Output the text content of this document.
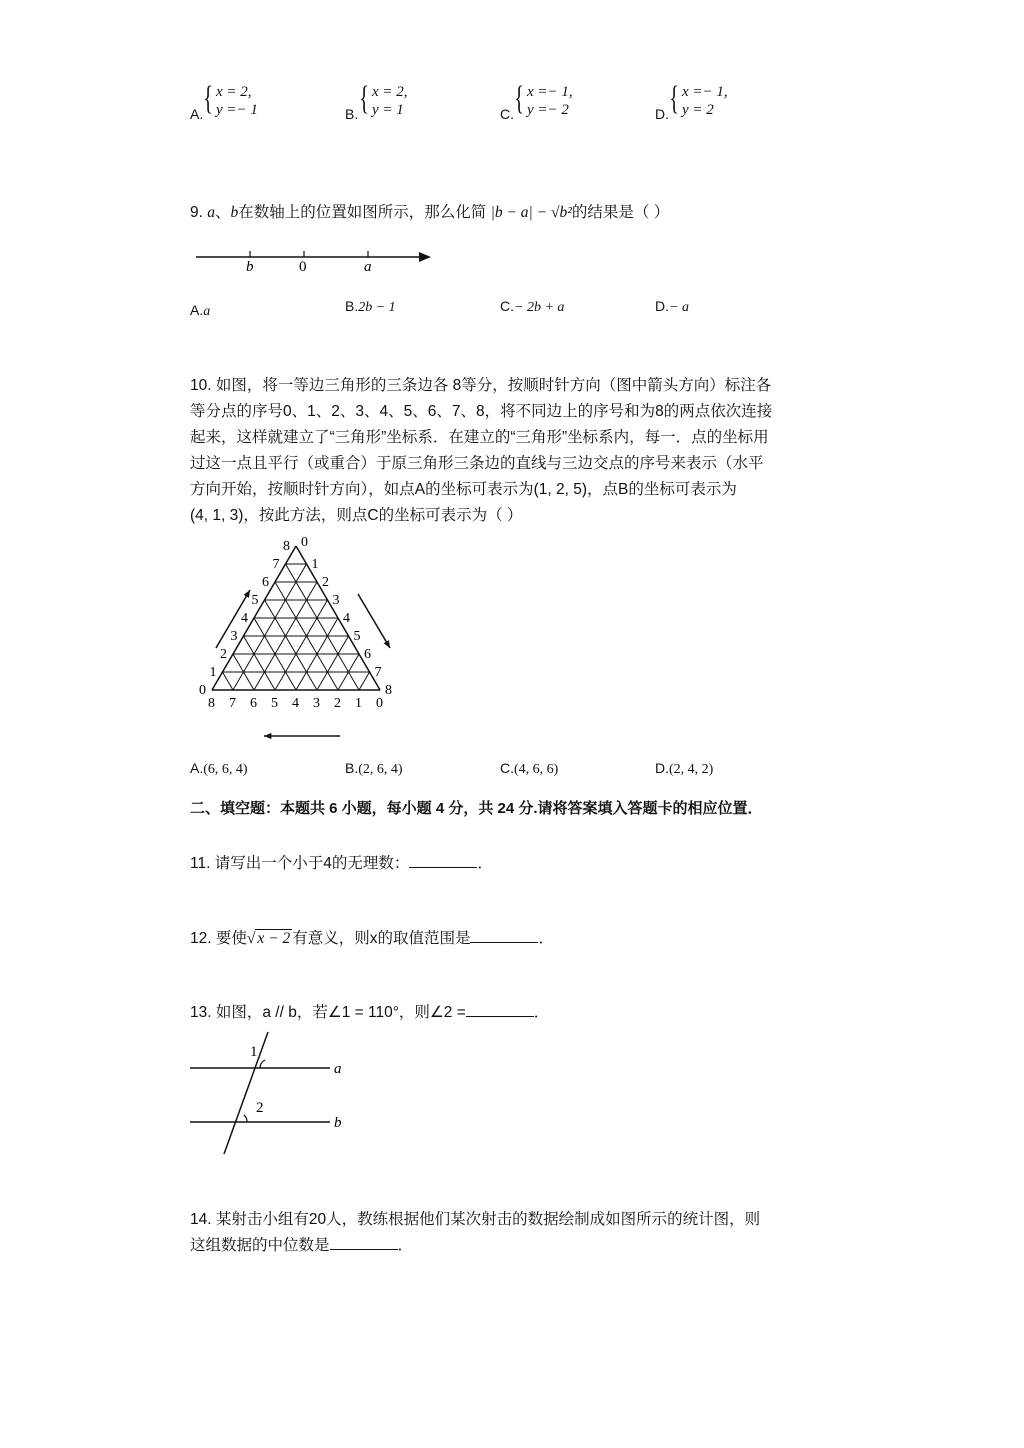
A. { x = 2,
y =− 1	B. { x = 2,
y = 1	C. { x =− 1,
y =− 2	D. { x =− 1,
y = 2
9. a、b在数轴上的位置如图所示，那么化简 |b − a| − √b²的结果是（ ）
b	0	a
A.a	B.2b − 1	C.− 2b + a	D.− a
10. 如图，将一等边三角形的三条边各 8等分，按顺时针方向（图中箭头方向）标注各
等分点的序号0、1、2、3、4、5、6、7、8，将不同边上的序号和为8的两点依次连接
起来，这样就建立了“三角形”坐标系．在建立的“三角形”坐标系内，每一．点的坐标用
过这一点且平行（或重合）于原三角形三条边的直线与三边交点的序号来表示（水平
方向开始，按顺时针方向），如点A的坐标可表示为(1, 2, 5)，点B的坐标可表示为
(4, 1, 3)，按此方法，则点C的坐标可表示为（ ）
0
0
8
1
1
7
2
2
6
3
3
5
4	4
4
5
5
3
6
6
2
7
7
1
8
8
0
A.(6, 6, 4)	B.(2, 6, 4)	C.(4, 6, 6)	D.(2, 4, 2)
二、填空题：本题共 6 小题，每小题 4 分，共 24 分.请将答案填入答题卡的相应位置．
11. 请写出一个小于4的无理数：	．
12. 要使√ x − 2 有意义，则x的取值范围是	．
13. 如图，a // b，若∠1 = 110°，则∠2 =	．
1
2
a
b
14. 某射击小组有20人，教练根据他们某次射击的数据绘制成如图所示的统计图，则
这组数据的中位数是	．
